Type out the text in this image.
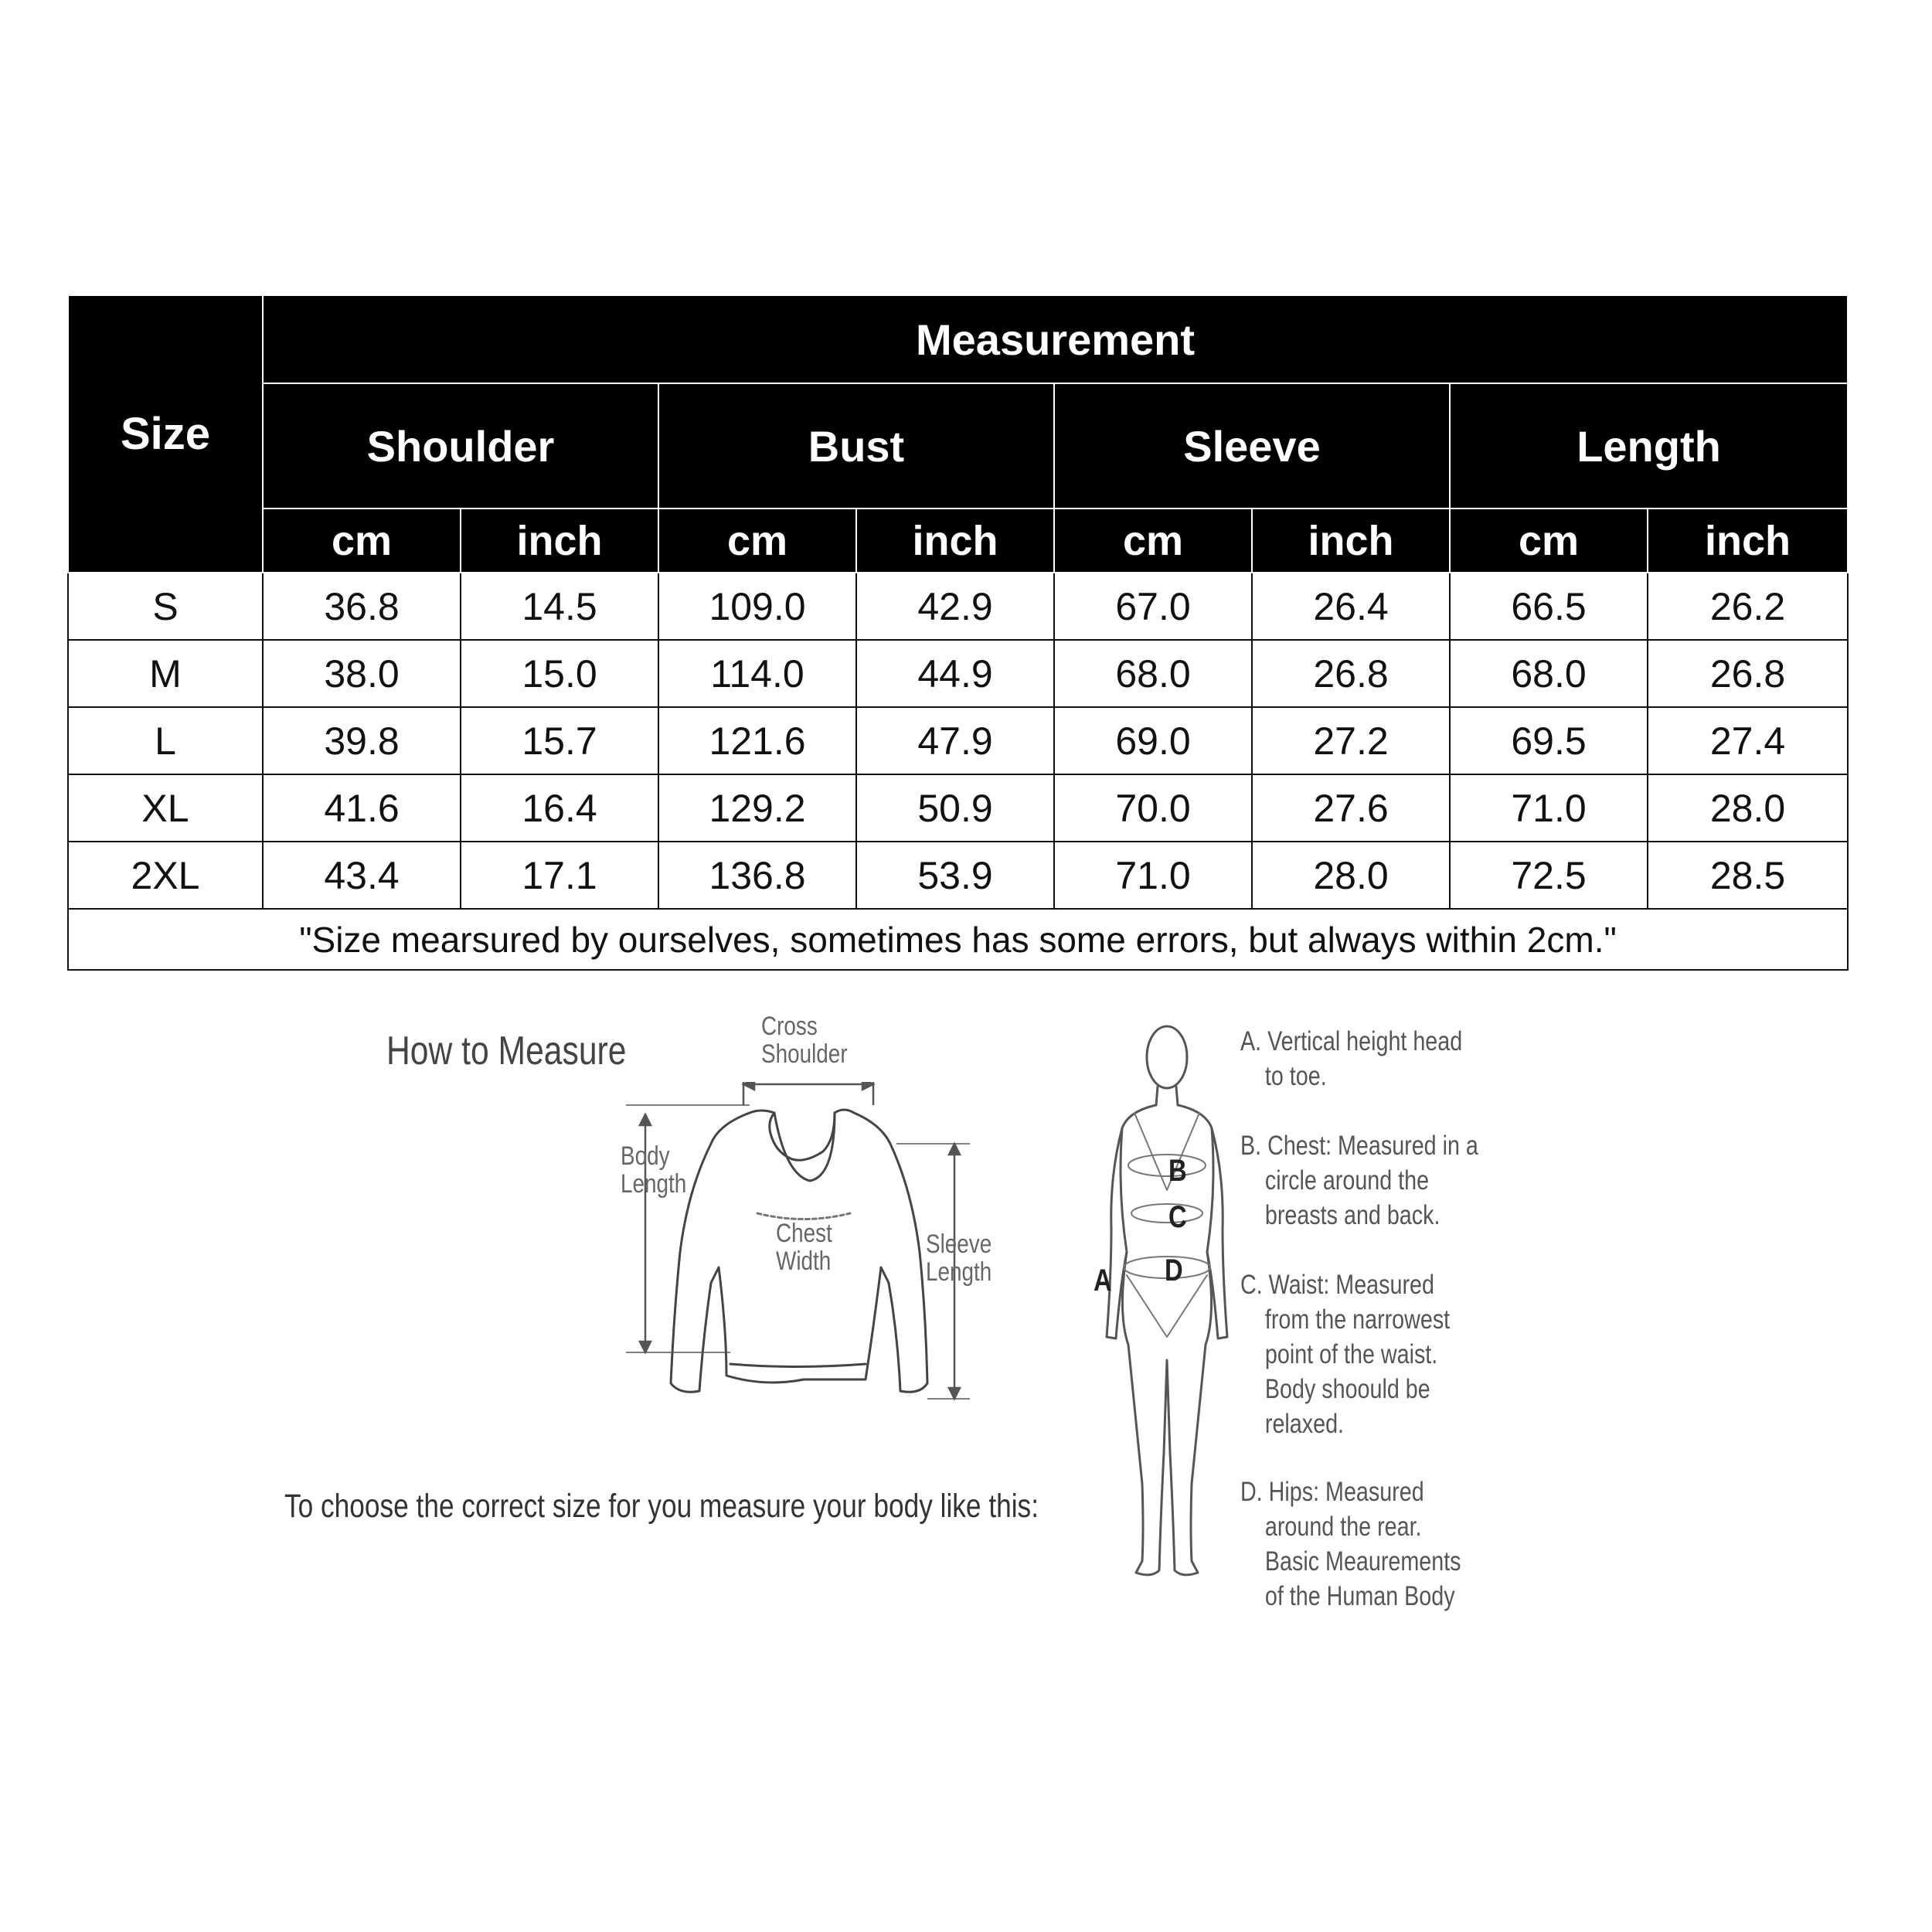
Size	Measurement							
	Shoulder		Bust		Sleeve		Length	
	cm	inch	cm	inch	cm	inch	cm	inch
S	36.8	14.5	109.0	42.9	67.0	26.4	66.5	26.2
M	38.0	15.0	114.0	44.9	68.0	26.8	68.0	26.8
L	39.8	15.7	121.6	47.9	69.0	27.2	69.5	27.4
XL	41.6	16.4	129.2	50.9	70.0	27.6	71.0	28.0
2XL	43.4	17.1	136.8	53.9	71.0	28.0	72.5	28.5
"Size mearsured by ourselves, sometimes has some errors, but always within 2cm."								
How to Measure
Cross
Shoulder
Body
Length
Chest
Width
Sleeve
Length
To choose the correct size for you measure your body like this:
B
C
D
A
A. Vertical height head
to toe.
B. Chest: Measured in a
circle around the
breasts and back.
C. Waist: Measured
from the narrowest
point of the waist.
Body shoould be
relaxed.
D. Hips: Measured
around the rear.
Basic Meaurements
of the Human Body
